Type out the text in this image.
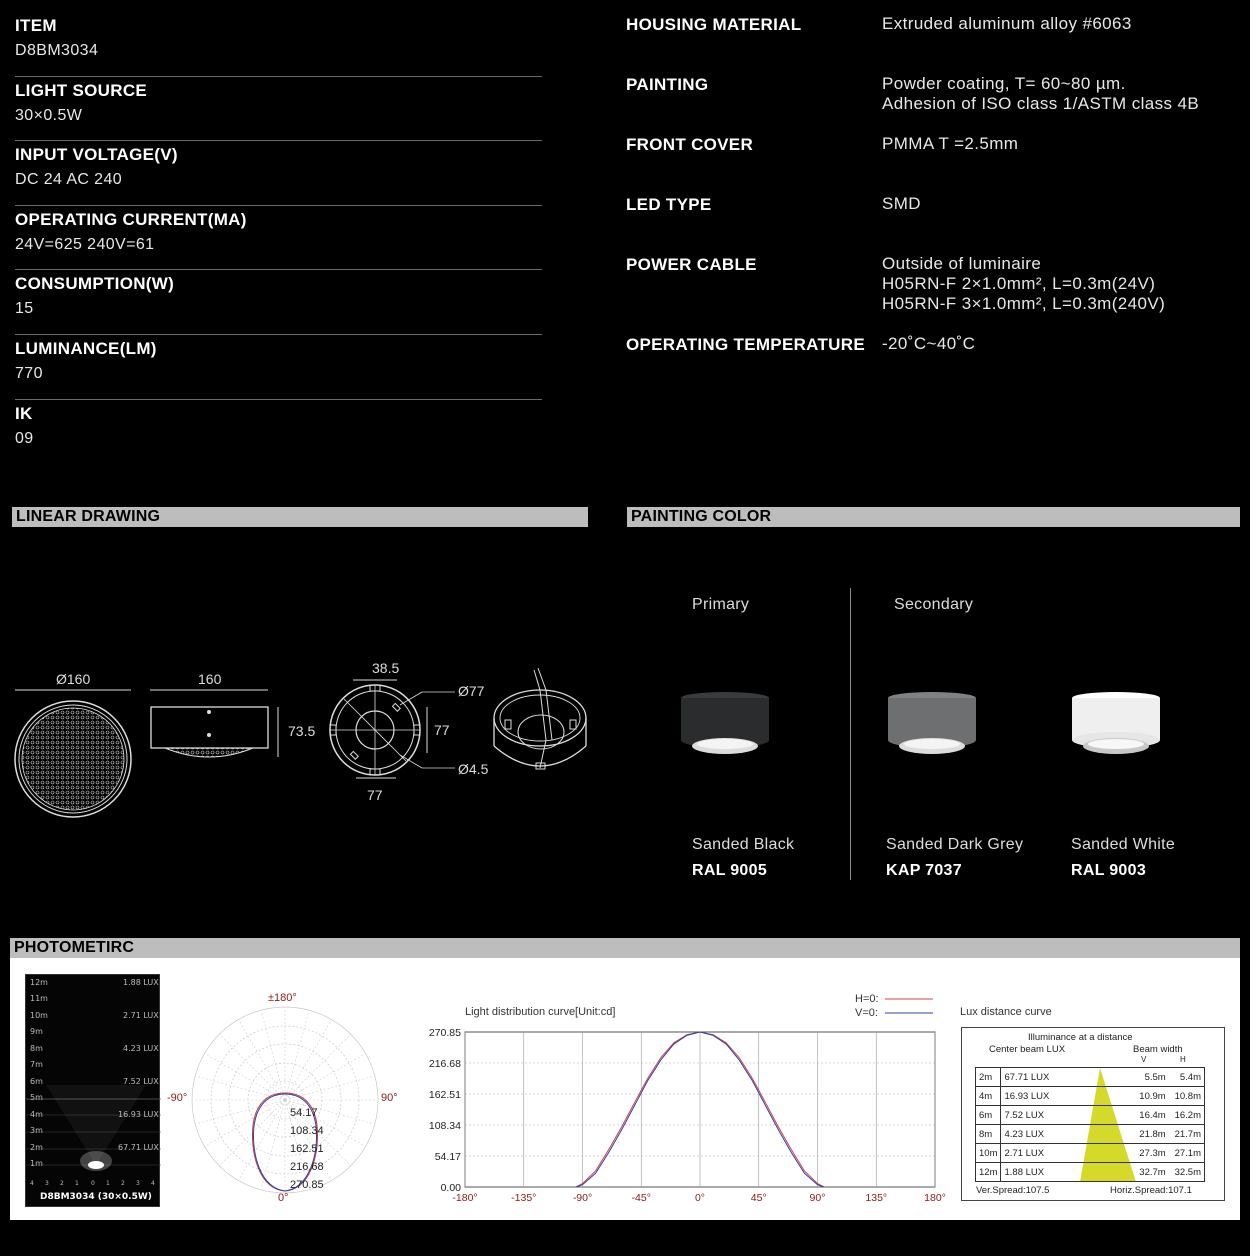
ITEM
D8BM3034
LIGHT SOURCE
30×0.5W
INPUT VOLTAGE(V)
DC 24 AC 240
OPERATING CURRENT(MA)
24V=625 240V=61
CONSUMPTION(W)
15
LUMINANCE(LM)
770
IK
09
HOUSING MATERIAL	Extruded aluminum alloy #6063
PAINTING	Powder coating, T= 60~80 µm.
Adhesion of ISO class 1/ASTM class 4B
FRONT COVER	PMMA T =2.5mm
LED TYPE	SMD
POWER CABLE	Outside of luminaire
H05RN-F 2×1.0mm², L=0.3m(24V)
H05RN-F 3×1.0mm², L=0.3m(240V)
OPERATING TEMPERATURE	-20˚C~40˚C
LINEAR DRAWING	PAINTING COLOR
Ø160	160
73.5
38.5
Ø77
77
Ø4.5
77
Primary	Secondary
Sanded Black
RAL 9005
Sanded Dark Grey
KAP 7037
Sanded White
RAL 9003
PHOTOMETIRC
12m
11m
10m
9m
8m
7m
6m
5m
4m
3m
2m
1m
1.88 LUX
2.71 LUX
4.23 LUX
7.52 LUX
16.93 LUX
67.71 LUX
4 3 2 1 0 1 2 3 4
D8BM3034 (30×0.5W)
±180°
-90°	90°
0°
54.17
108.34
162.51
216.68
270.85
Light distribution curve[Unit:cd]
H=0:
V=0:
-180°	-135°	-90°	-45°	0°	45°	90°	135°	180°
0.00
54.17
108.34
162.51
216.68
270.85
Lux distance curve
Illuminance at a distance
Center beam LUX	Beam width
V	H
2m	67.71 LUX		5.5m	5.4m
4m	16.93 LUX		10.9m	10.8m
6m	7.52 LUX		16.4m	16.2m
8m	4.23 LUX		21.8m	21.7m
10m	2.71 LUX		27.3m	27.1m
12m	1.88 LUX		32.7m	32.5m
Ver.Spread:107.5	Horiz.Spread:107.1
